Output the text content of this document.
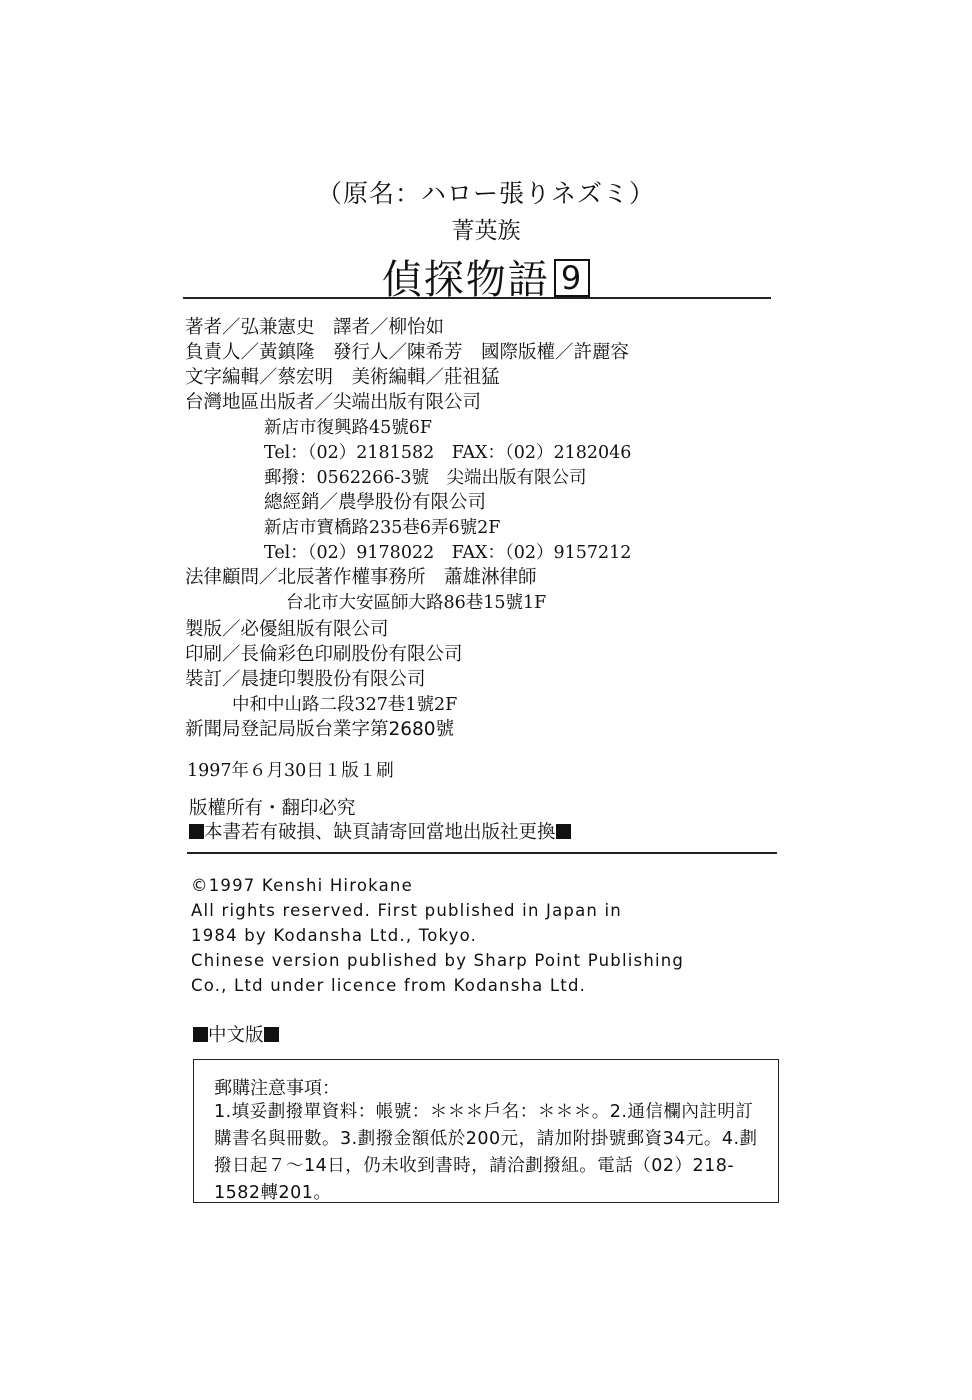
（原名：ハロー張りネズミ）
菁英族
偵探物語 9
著者／弘兼憲史　譯者／柳怡如
負責人／黃鎮隆　發行人／陳希芳　國際版權／許麗容
文字編輯／蔡宏明　美術編輯／莊祖猛
台灣地區出版者／尖端出版有限公司
新店市復興路45號6F
Tel：（02）2181582　FAX：（02）2182046
郵撥：0562266-3號　尖端出版有限公司
總經銷／農學股份有限公司
新店市寶橋路235巷6弄6號2F
Tel：（02）9178022　FAX：（02）9157212
法律顧問／北辰著作權事務所　蕭雄淋律師
台北市大安區師大路86巷15號1F
製版／必優組版有限公司
印刷／長倫彩色印刷股份有限公司
裝訂／晨捷印製股份有限公司
中和中山路二段327巷1號2F
新聞局登記局版台業字第2680號
1997年６月30日１版１刷
版權所有・翻印必究
本書若有破損、缺頁請寄回當地出版社更換
©1997 Kenshi Hirokane
All rights reserved. First published in Japan in
1984 by Kodansha Ltd., Tokyo.
Chinese version published by Sharp Point Publishing
Co., Ltd under licence from Kodansha Ltd.
中文版
郵購注意事項：
1.填妥劃撥單資料：帳號：＊＊＊戶名：＊＊＊。2.通信欄內註明訂購書名與冊數。3.劃撥金額低於200元，請加附掛號郵資34元。4.劃撥日起７～14日，仍未收到書時，請洽劃撥組。電話（02）218-1582轉201。
